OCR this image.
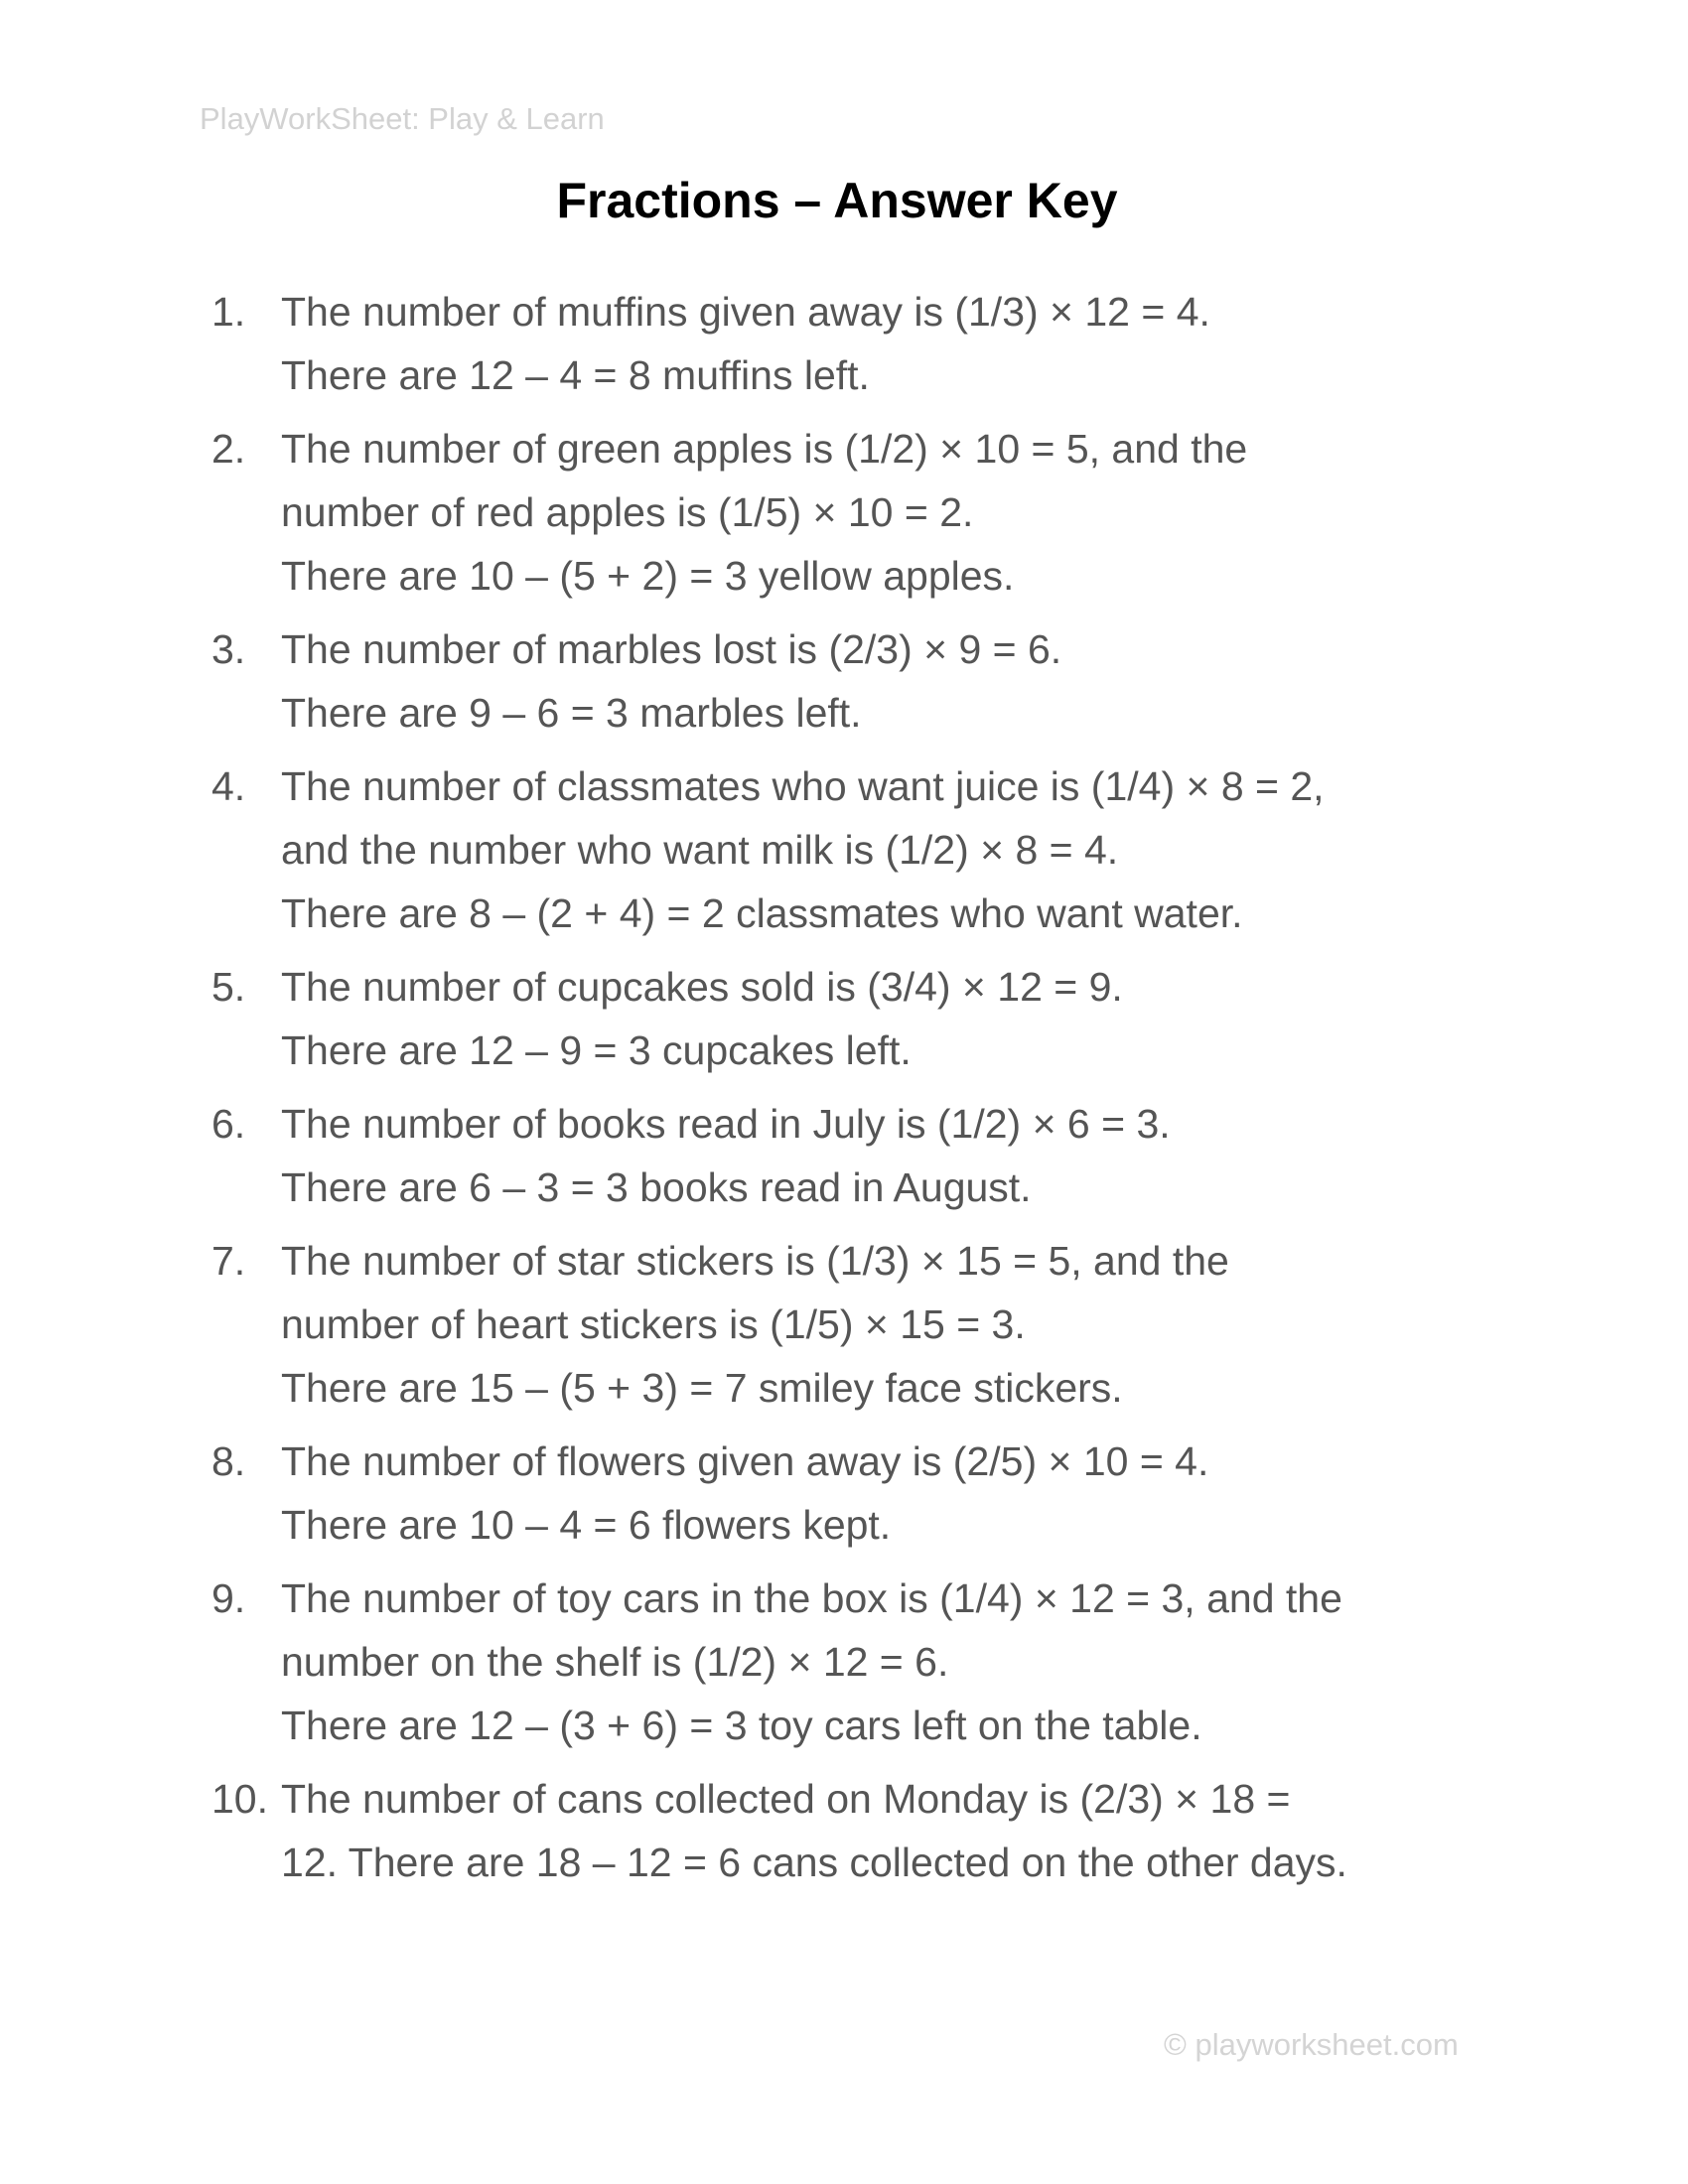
PlayWorkSheet: Play & Learn
Fractions – Answer Key
1. The number of muffins given away is (1/3) × 12 = 4.
There are 12 – 4 = 8 muffins left.
2. The number of green apples is (1/2) × 10 = 5, and the
number of red apples is (1/5) × 10 = 2.
There are 10 – (5 + 2) = 3 yellow apples.
3. The number of marbles lost is (2/3) × 9 = 6.
There are 9 – 6 = 3 marbles left.
4. The number of classmates who want juice is (1/4) × 8 = 2,
and the number who want milk is (1/2) × 8 = 4.
There are 8 – (2 + 4) = 2 classmates who want water.
5. The number of cupcakes sold is (3/4) × 12 = 9.
There are 12 – 9 = 3 cupcakes left.
6. The number of books read in July is (1/2) × 6 = 3.
There are 6 – 3 = 3 books read in August.
7. The number of star stickers is (1/3) × 15 = 5, and the
number of heart stickers is (1/5) × 15 = 3.
There are 15 – (5 + 3) = 7 smiley face stickers.
8. The number of flowers given away is (2/5) × 10 = 4.
There are 10 – 4 = 6 flowers kept.
9. The number of toy cars in the box is (1/4) × 12 = 3, and the
number on the shelf is (1/2) × 12 = 6.
There are 12 – (3 + 6) = 3 toy cars left on the table.
10. The number of cans collected on Monday is (2/3) × 18 =
12. There are 18 – 12 = 6 cans collected on the other days.
© playworksheet.com
